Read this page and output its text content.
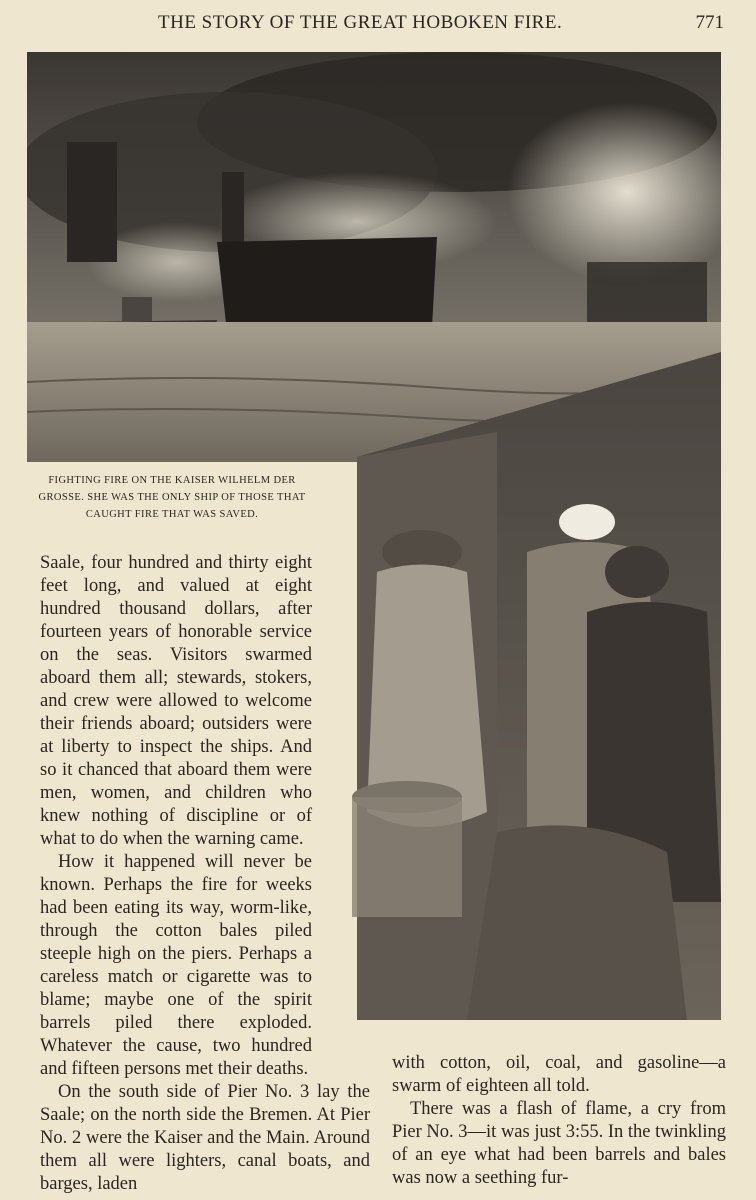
THE STORY OF THE GREAT HOBOKEN FIRE.	771
FIGHTING FIRE ON THE KAISER WILHELM DER GROSSE. SHE WAS THE ONLY SHIP OF THOSE THAT CAUGHT FIRE THAT WAS SAVED.

Saale, four hundred and thirty eight feet long, and valued at eight hundred thousand dollars, after fourteen years of honorable service on the seas. Visitors swarmed aboard them all; stewards, stokers, and crew were allowed to welcome their friends aboard; outsiders were at liberty to inspect the ships. And so it chanced that aboard them were men, women, and children who knew nothing of discipline or of what to do when the warning came.

How it happened will never be known. Perhaps the fire for weeks had been eating its way, worm-like, through the cotton bales piled steeple high on the piers. Perhaps a careless match or cigarette was to blame; maybe one of the spirit barrels piled there exploded. Whatever the cause, two hundred and fifteen persons met their deaths.

On the south side of Pier No. 3 lay the Saale; on the north side the Bremen. At Pier No. 2 were the Kaiser and the Main. Around them all were lighters, canal boats, and barges, laden

with cotton, oil, coal, and gasoline—a swarm of eighteen all told.

There was a flash of flame, a cry from Pier No. 3—it was just 3:55. In the twinkling of an eye what had been barrels and bales was now a seething fur-
